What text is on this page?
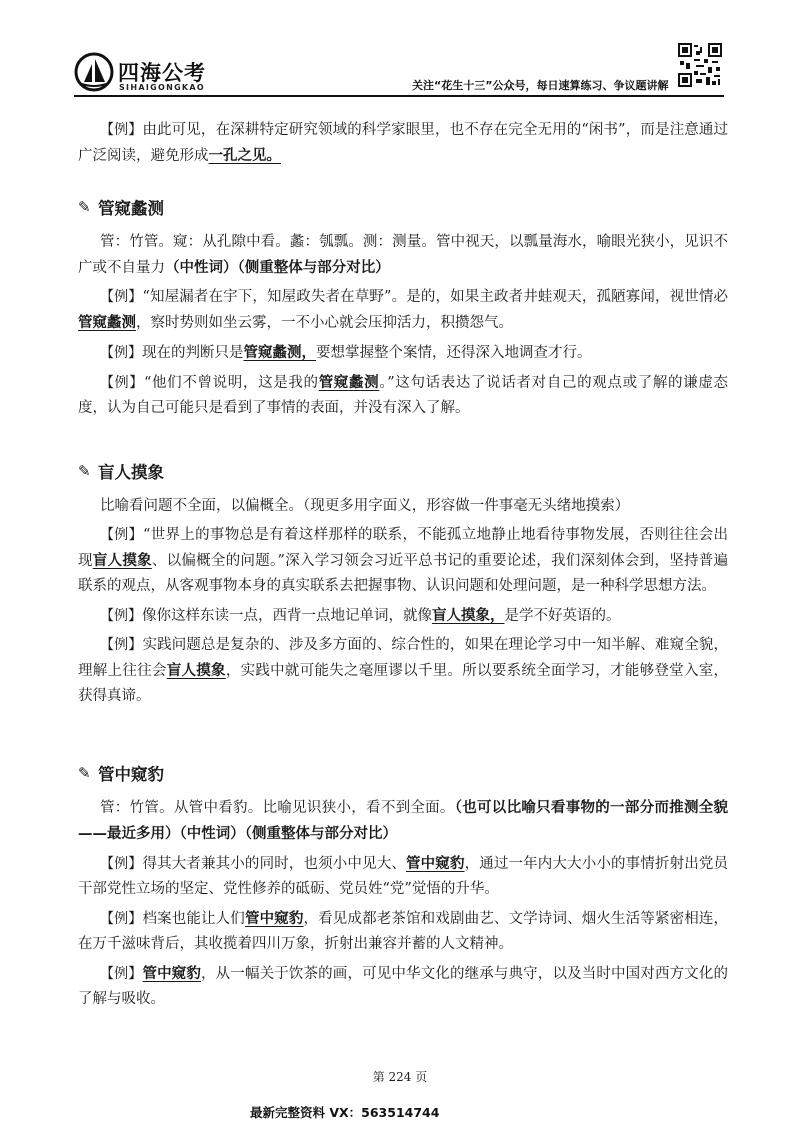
四海公考
SIHAIGONGKAO	关注“花生十三”公众号，每日速算练习、争议题讲解

【例】由此可见，在深耕特定研究领域的科学家眼里，也不存在完全无用的“闲书”，而是注意通过广泛阅读，避免形成一孔之见。

✎ 管窥蠡测

管：竹管。窥：从孔隙中看。蠡：瓠瓢。测：测量。管中视天，以瓢量海水，喻眼光狭小，见识不广或不自量力（中性词）（侧重整体与部分对比）

【例】“知屋漏者在宇下，知屋政失者在草野”。是的，如果主政者井蛙观天，孤陋寡闻，视世情必管窥蠡测，察时势则如坐云雾，一不小心就会压抑活力，积攒怨气。

【例】现在的判断只是管窥蠡测，要想掌握整个案情，还得深入地调查才行。

【例】“他们不曾说明，这是我的管窥蠡测。”这句话表达了说话者对自己的观点或了解的谦虚态度，认为自己可能只是看到了事情的表面，并没有深入了解。

✎ 盲人摸象

比喻看问题不全面，以偏概全。（现更多用字面义，形容做一件事毫无头绪地摸索）

【例】“世界上的事物总是有着这样那样的联系，不能孤立地静止地看待事物发展，否则往往会出现盲人摸象、以偏概全的问题。”深入学习领会习近平总书记的重要论述，我们深刻体会到，坚持普遍联系的观点，从客观事物本身的真实联系去把握事物、认识问题和处理问题，是一种科学思想方法。

【例】像你这样东读一点，西背一点地记单词，就像盲人摸象，是学不好英语的。

【例】实践问题总是复杂的、涉及多方面的、综合性的，如果在理论学习中一知半解、难窥全貌，理解上往往会盲人摸象，实践中就可能失之毫厘谬以千里。所以要系统全面学习，才能够登堂入室，获得真谛。

✎ 管中窥豹

管：竹管。从管中看豹。比喻见识狭小，看不到全面。（也可以比喻只看事物的一部分而推测全貌——最近多用）（中性词）（侧重整体与部分对比）

【例】得其大者兼其小的同时，也须小中见大、管中窥豹，通过一年内大大小小的事情折射出党员干部党性立场的坚定、党性修养的砥砺、党员姓“党”觉悟的升华。

【例】档案也能让人们管中窥豹，看见成都老茶馆和戏剧曲艺、文学诗词、烟火生活等紧密相连，在万千滋味背后，其收揽着四川万象，折射出兼容并蓄的人文精神。

【例】管中窥豹，从一幅关于饮茶的画，可见中华文化的继承与典守，以及当时中国对西方文化的了解与吸收。

第 224 页
最新完整资料 VX：563514744
